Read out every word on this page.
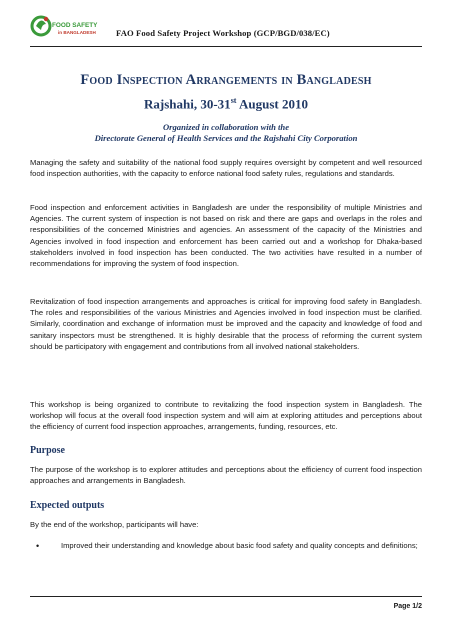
FOOD SAFETY
in BANGLADESH FAO Food Safety Project Workshop (GCP/BGD/038/EC)
Food Inspection Arrangements in Bangladesh
Rajshahi, 30-31st August 2010
Organized in collaboration with the
Directorate General of Health Services and the Rajshahi City Corporation
Managing the safety and suitability of the national food supply requires oversight by competent and well resourced food inspection authorities, with the capacity to enforce national food safety rules, regulations and standards.
Food inspection and enforcement activities in Bangladesh are under the responsibility of multiple Ministries and Agencies. The current system of inspection is not based on risk and there are gaps and overlaps in the roles and responsibilities of the concerned Ministries and agencies. An assessment of the capacity of the Ministries and Agencies involved in food inspection and enforcement has been carried out and a workshop for Dhaka-based stakeholders involved in food inspection has been conducted. The two activities have resulted in a number of recommendations for improving the system of food inspection.
Revitalization of food inspection arrangements and approaches is critical for improving food safety in Bangladesh. The roles and responsibilities of the various Ministries and Agencies involved in food inspection must be clarified. Similarly, coordination and exchange of information must be improved and the capacity and knowledge of food and sanitary inspectors must be strengthened. It is highly desirable that the process of reforming the current system should be participatory with engagement and contributions from all involved national stakeholders.
This workshop is being organized to contribute to revitalizing the food inspection system in Bangladesh. The workshop will focus at the overall food inspection system and will aim at exploring attitudes and perceptions about the efficiency of current food inspection approaches, arrangements, funding, resources, etc.
Purpose
The purpose of the workshop is to explorer attitudes and perceptions about the efficiency of current food inspection approaches and arrangements in Bangladesh.
Expected outputs
By the end of the workshop, participants will have:
•	Improved their understanding and knowledge about basic food safety and quality concepts and definitions;
Page 1/2
